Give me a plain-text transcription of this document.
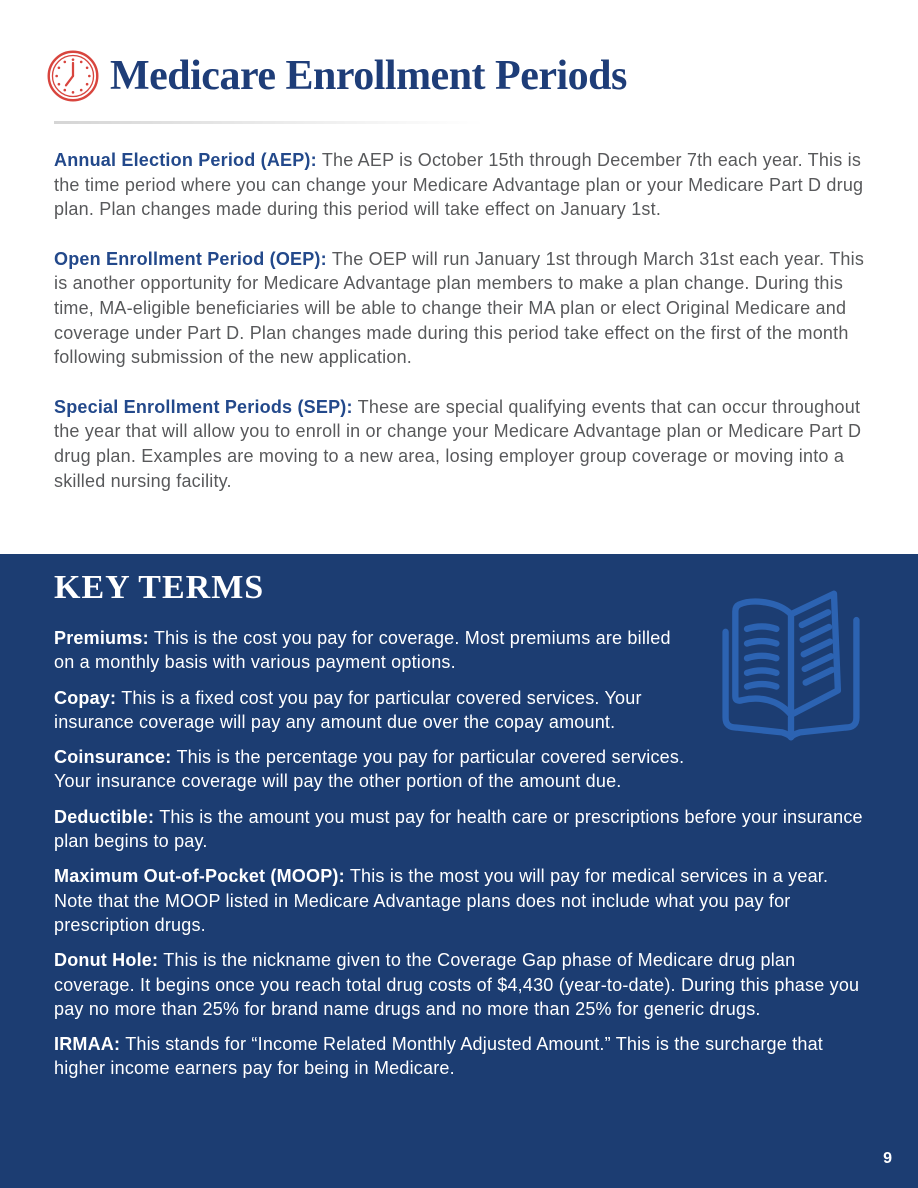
Medicare Enrollment Periods

Annual Election Period (AEP): The AEP is October 15th through December 7th each year. This is the time period where you can change your Medicare Advantage plan or your Medicare Part D drug plan. Plan changes made during this period will take effect on January 1st.

Open Enrollment Period (OEP): The OEP will run January 1st through March 31st each year. This is another opportunity for Medicare Advantage plan members to make a plan change. During this time, MA-eligible beneficiaries will be able to change their MA plan or elect Original Medicare and coverage under Part D. Plan changes made during this period take effect on the first of the month following submission of the new application.

Special Enrollment Periods (SEP): These are special qualifying events that can occur throughout the year that will allow you to enroll in or change your Medicare Advantage plan or Medicare Part D drug plan. Examples are moving to a new area, losing employer group coverage or moving into a skilled nursing facility.

KEY TERMS

Premiums: This is the cost you pay for coverage. Most premiums are billed on a monthly basis with various payment options.

Copay: This is a fixed cost you pay for particular covered services. Your insurance coverage will pay any amount due over the copay amount.

Coinsurance: This is the percentage you pay for particular covered services. Your insurance coverage will pay the other portion of the amount due.

Deductible: This is the amount you must pay for health care or prescriptions before your insurance plan begins to pay.

Maximum Out-of-Pocket (MOOP): This is the most you will pay for medical services in a year. Note that the MOOP listed in Medicare Advantage plans does not include what you pay for prescription drugs.

Donut Hole: This is the nickname given to the Coverage Gap phase of Medicare drug plan coverage. It begins once you reach total drug costs of $4,430 (year-to-date). During this phase you pay no more than 25% for brand name drugs and no more than 25% for generic drugs.

IRMAA: This stands for “Income Related Monthly Adjusted Amount.” This is the surcharge that higher income earners pay for being in Medicare.

9
